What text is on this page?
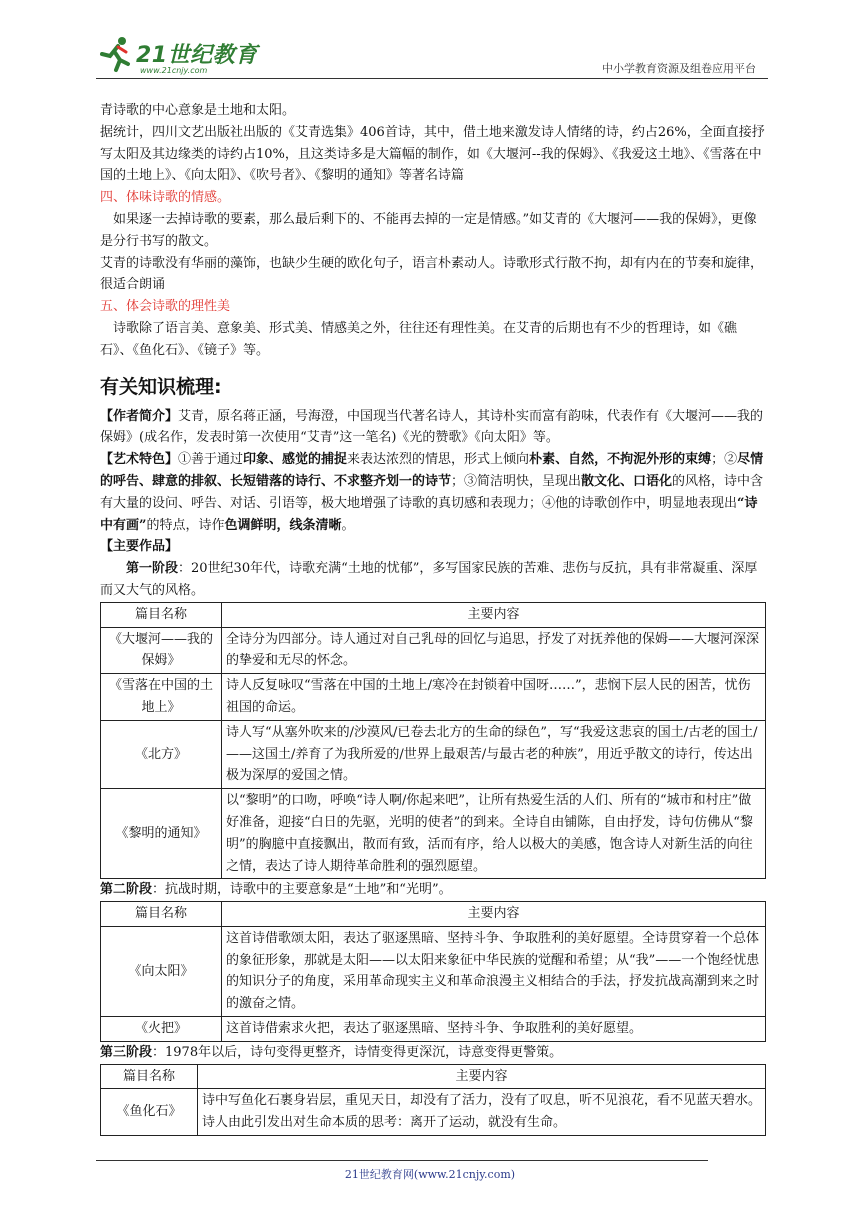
21世纪教育
www.21cnjy.com	中小学教育资源及组卷应用平台

青诗歌的中心意象是土地和太阳。

据统计，四川文艺出版社出版的《艾青选集》406首诗，其中，借土地来激发诗人情绪的诗，约占26%，全面直接抒写太阳及其边缘类的诗约占10%，且这类诗多是大篇幅的制作，如《大堰河--我的保姆》、《我爱这土地》、《雪落在中国的土地上》、《向太阳》、《吹号者》、《黎明的通知》等著名诗篇

四、体味诗歌的情感。

如果逐一去掉诗歌的要素，那么最后剩下的、不能再去掉的一定是情感。”如艾青的《大堰河——我的保姆》，更像是分行书写的散文。

艾青的诗歌没有华丽的藻饰，也缺少生硬的欧化句子，语言朴素动人。诗歌形式行散不拘，却有内在的节奏和旋律，很适合朗诵

五、体会诗歌的理性美

诗歌除了语言美、意象美、形式美、情感美之外，往往还有理性美。在艾青的后期也有不少的哲理诗，如《礁石》、《鱼化石》、《镜子》等。

有关知识梳理:

【作者简介】艾青，原名蒋正涵，号海澄，中国现当代著名诗人，其诗朴实而富有韵味，代表作有《大堰河——我的保姆》(成名作，发表时第一次使用“艾青”这一笔名)《光的赞歌》《向太阳》等。

【艺术特色】①善于通过印象、感觉的捕捉来表达浓烈的情思，形式上倾向朴素、自然，不拘泥外形的束缚；②尽情的呼告、肆意的排叙、长短错落的诗行、不求整齐划一的诗节；③简洁明快，呈现出散文化、口语化的风格，诗中含有大量的设问、呼告、对话、引语等，极大地增强了诗歌的真切感和表现力；④他的诗歌创作中，明显地表现出“诗中有画”的特点，诗作色调鲜明，线条清晰。

【主要作品】

第一阶段：20世纪30年代，诗歌充满“土地的忧郁”，多写国家民族的苦难、悲伤与反抗，具有非常凝重、深厚而又大气的风格。

篇目名称	主要内容
《大堰河——我的保姆》	全诗分为四部分。诗人通过对自己乳母的回忆与追思，抒发了对抚养他的保姆——大堰河深深的挚爱和无尽的怀念。
《雪落在中国的土地上》	诗人反复咏叹“雪落在中国的土地上/寒冷在封锁着中国呀……”，悲悯下层人民的困苦，忧伤祖国的命运。
《北方》	诗人写“从塞外吹来的/沙漠风/已卷去北方的生命的绿色”，写“我爱这悲哀的国土/古老的国土/——这国土/养育了为我所爱的/世界上最艰苦/与最古老的种族”，用近乎散文的诗行，传达出极为深厚的爱国之情。
《黎明的通知》	以“黎明”的口吻，呼唤“诗人啊/你起来吧”，让所有热爱生活的人们、所有的“城市和村庄”做好准备，迎接“白日的先驱，光明的使者”的到来。全诗自由铺陈，自由抒发，诗句仿佛从“黎明”的胸臆中直接飘出，散而有致，活而有序，给人以极大的美感，饱含诗人对新生活的向往之情，表达了诗人期待革命胜利的强烈愿望。

第二阶段：抗战时期，诗歌中的主要意象是“土地”和“光明”。

篇目名称	主要内容
《向太阳》	这首诗借歌颂太阳，表达了驱逐黑暗、坚持斗争、争取胜利的美好愿望。全诗贯穿着一个总体的象征形象，那就是太阳——以太阳来象征中华民族的觉醒和希望；从“我”——一个饱经忧患的知识分子的角度，采用革命现实主义和革命浪漫主义相结合的手法，抒发抗战高潮到来之时的激奋之情。
《火把》	这首诗借索求火把，表达了驱逐黑暗、坚持斗争、争取胜利的美好愿望。

第三阶段：1978年以后，诗句变得更整齐，诗情变得更深沉，诗意变得更警策。

篇目名称	主要内容
《鱼化石》	诗中写鱼化石裹身岩层，重见天日，却没有了活力，没有了叹息，听不见浪花，看不见蓝天碧水。诗人由此引发出对生命本质的思考：离开了运动，就没有生命。
21世纪教育网(www.21cnjy.com)
